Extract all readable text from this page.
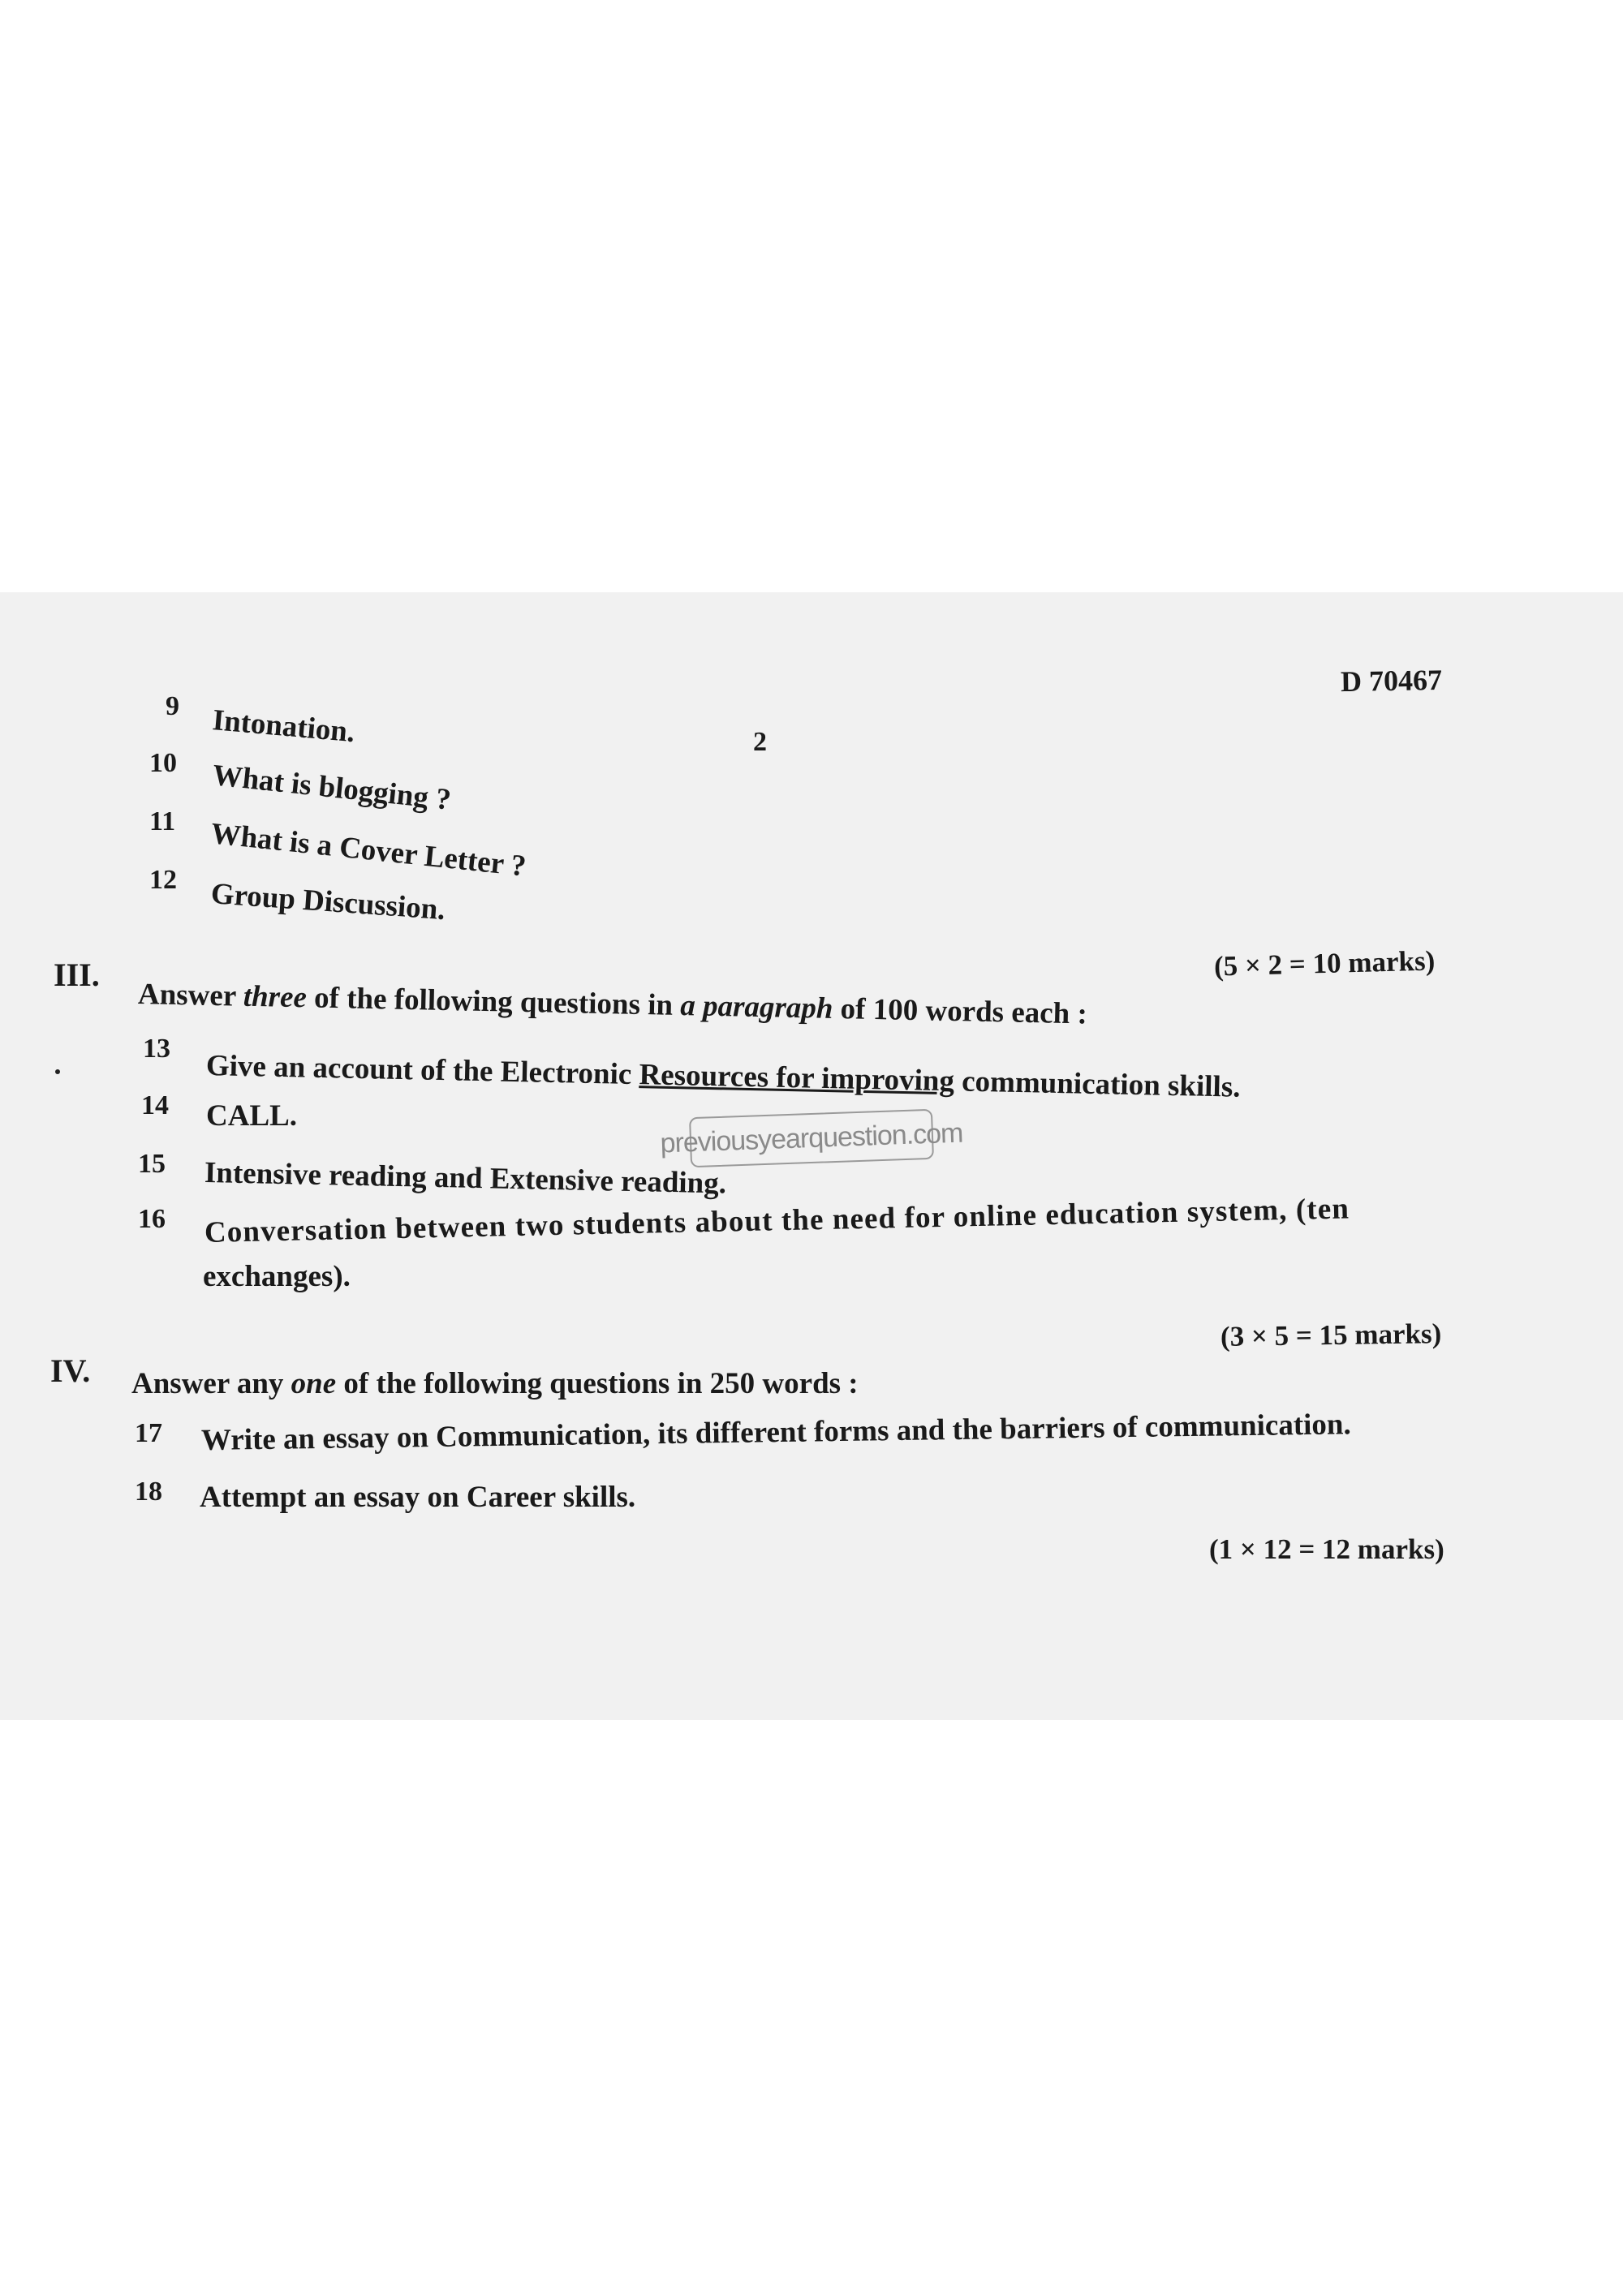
D 70467
2
9 Intonation.
10 What is blogging ?
11 What is a Cover Letter ?
12 Group Discussion.
(5 × 2 = 10 marks)
III.
Answer three of the following questions in a paragraph of 100 words each :
13
Give an account of the Electronic Resources for improving communication skills.
14 CALL.
previousyearquestion.com
15 Intensive reading and Extensive reading.
16 Conversation between two students about the need for online education system, (ten
exchanges).
(3 × 5 = 15 marks)
IV. Answer any one of the following questions in 250 words :
17 Write an essay on Communication, its different forms and the barriers of communication.
18 Attempt an essay on Career skills.
(1 × 12 = 12 marks)
